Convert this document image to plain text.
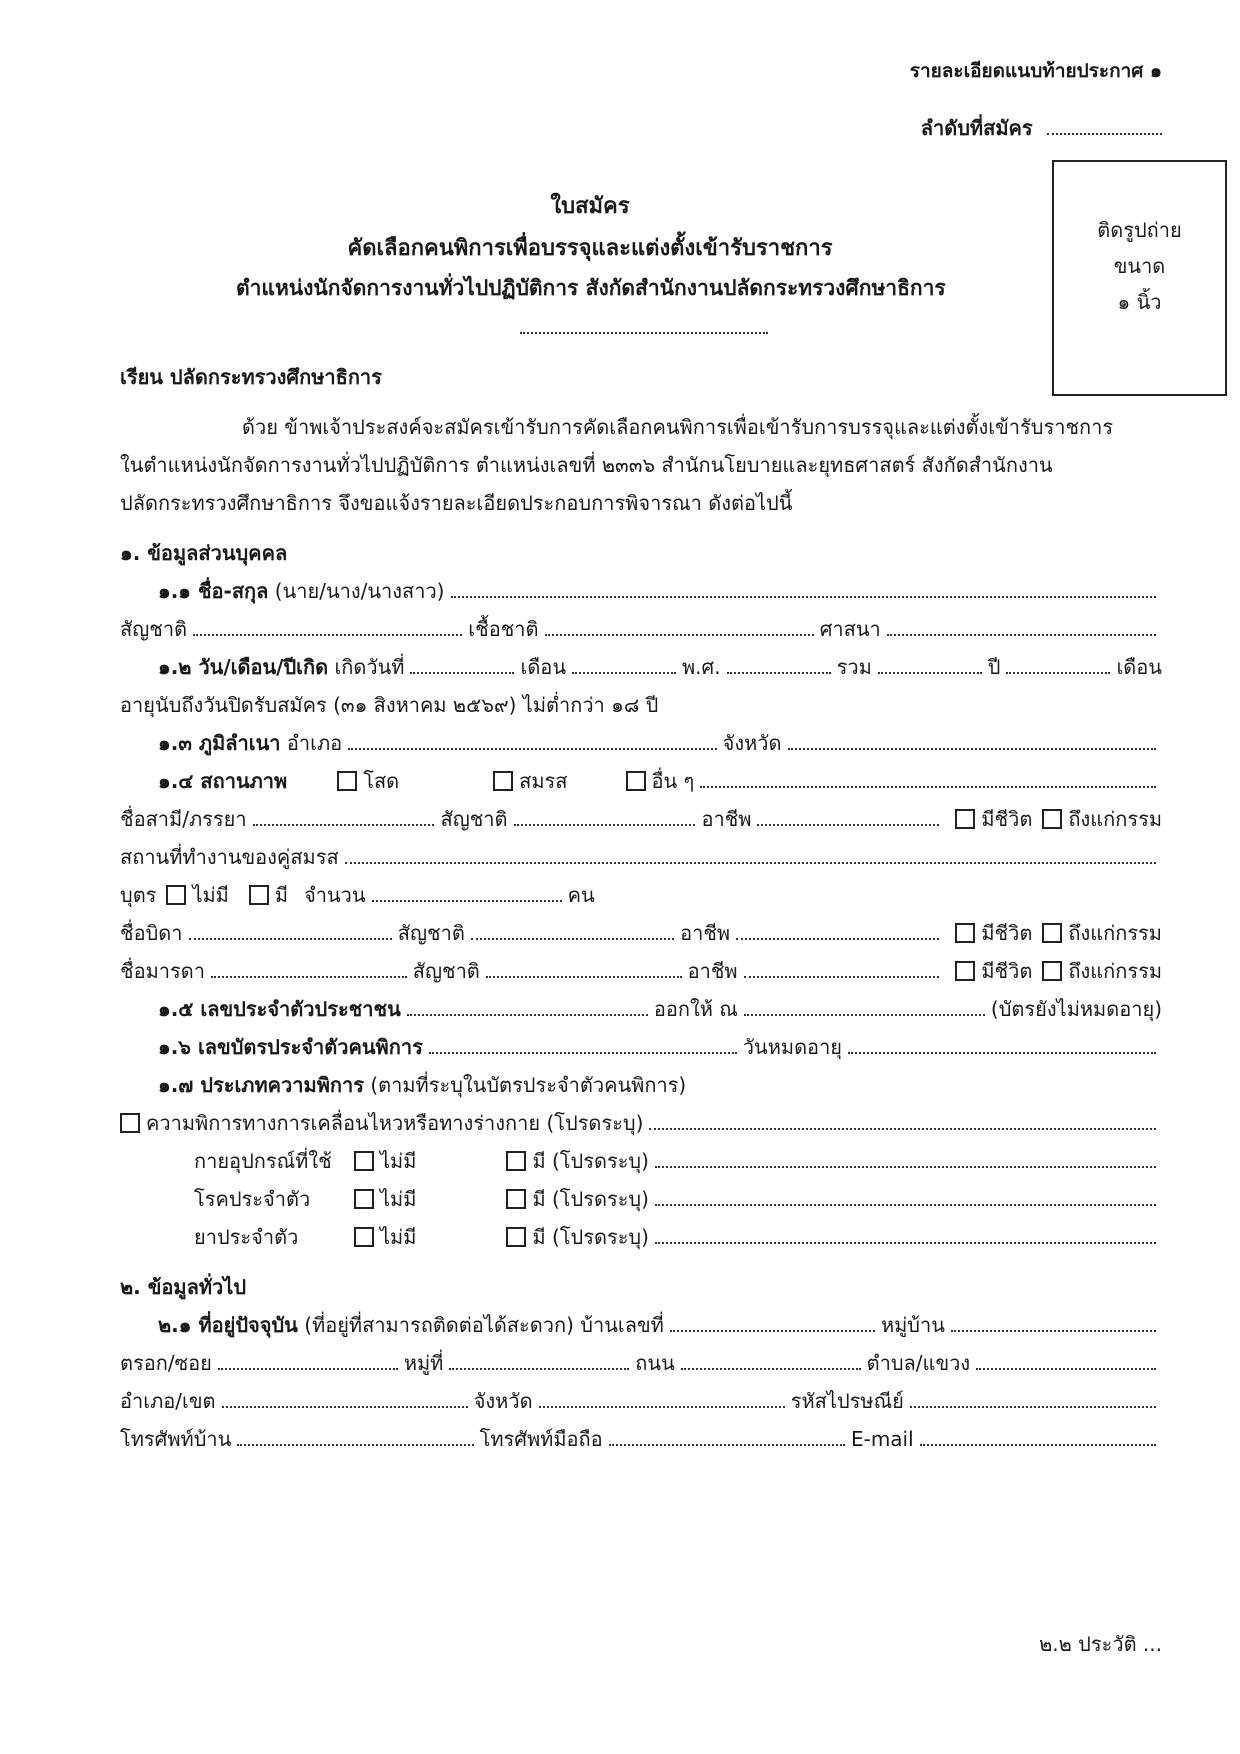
รายละเอียดแนบท้ายประกาศ ๑
ลำดับที่สมัคร
ติดรูปถ่าย
ขนาด
๑ นิ้ว
ใบสมัคร
คัดเลือกคนพิการเพื่อบรรจุและแต่งตั้งเข้ารับราชการ
ตำแหน่งนักจัดการงานทั่วไปปฏิบัติการ สังกัดสำนักงานปลัดกระทรวงศึกษาธิการ
เรียน ปลัดกระทรวงศึกษาธิการ
ด้วย ข้าพเจ้าประสงค์จะสมัครเข้ารับการคัดเลือกคนพิการเพื่อเข้ารับการบรรจุและแต่งตั้งเข้ารับราชการ
ในตำแหน่งนักจัดการงานทั่วไปปฏิบัติการ ตำแหน่งเลขที่ ๒๓๓๖ สำนักนโยบายและยุทธศาสตร์ สังกัดสำนักงาน
ปลัดกระทรวงศึกษาธิการ จึงขอแจ้งรายละเอียดประกอบการพิจารณา ดังต่อไปนี้
๑. ข้อมูลส่วนบุคคล
๑.๑ ชื่อ-สกุล
(นาย/นาง/นางสาว)
สัญชาติ	เชื้อชาติ	ศาสนา
๑.๒ วัน/เดือน/ปีเกิด
เกิดวันที่	เดือน	พ.ศ.	รวม	ปี	เดือน
อายุนับถึงวันปิดรับสมัคร (๓๑ สิงหาคม ๒๕๖๙) ไม่ต่ำกว่า ๑๘ ปี
๑.๓ ภูมิลำเนา
อำเภอ	จังหวัด
๑.๔ สถานภาพ	โสด	สมรส	อื่น ๆ
ชื่อสามี/ภรรยา	สัญชาติ	อาชีพ	มีชีวิต ถึงแก่กรรม
สถานที่ทำงานของคู่สมรส
บุตร ไม่มี มี จำนวน	คน
ชื่อบิดา	สัญชาติ	อาชีพ	มีชีวิต ถึงแก่กรรม
ชื่อมารดา	สัญชาติ	อาชีพ	มีชีวิต ถึงแก่กรรม
๑.๕ เลขประจำตัวประชาชน	ออกให้ ณ	(บัตรยังไม่หมดอายุ)
๑.๖ เลขบัตรประจำตัวคนพิการ	วันหมดอายุ
๑.๗ ประเภทความพิการ
(ตามที่ระบุในบัตรประจำตัวคนพิการ)
ความพิการทางการเคลื่อนไหวหรือทางร่างกาย (โปรดระบุ)
กายอุปกรณ์ที่ใช้	ไม่มี	มี (โปรดระบุ)
โรคประจำตัว	ไม่มี	มี (โปรดระบุ)
ยาประจำตัว	ไม่มี	มี (โปรดระบุ)
๒. ข้อมูลทั่วไป
๒.๑ ที่อยู่ปัจจุบัน
(ที่อยู่ที่สามารถติดต่อได้สะดวก)
บ้านเลขที่	หมู่บ้าน
ตรอก/ซอย	หมู่ที่	ถนน	ตำบล/แขวง
อำเภอ/เขต	จังหวัด	รหัสไปรษณีย์
โทรศัพท์บ้าน	โทรศัพท์มือถือ	E-mail
๒.๒ ประวัติ ...
